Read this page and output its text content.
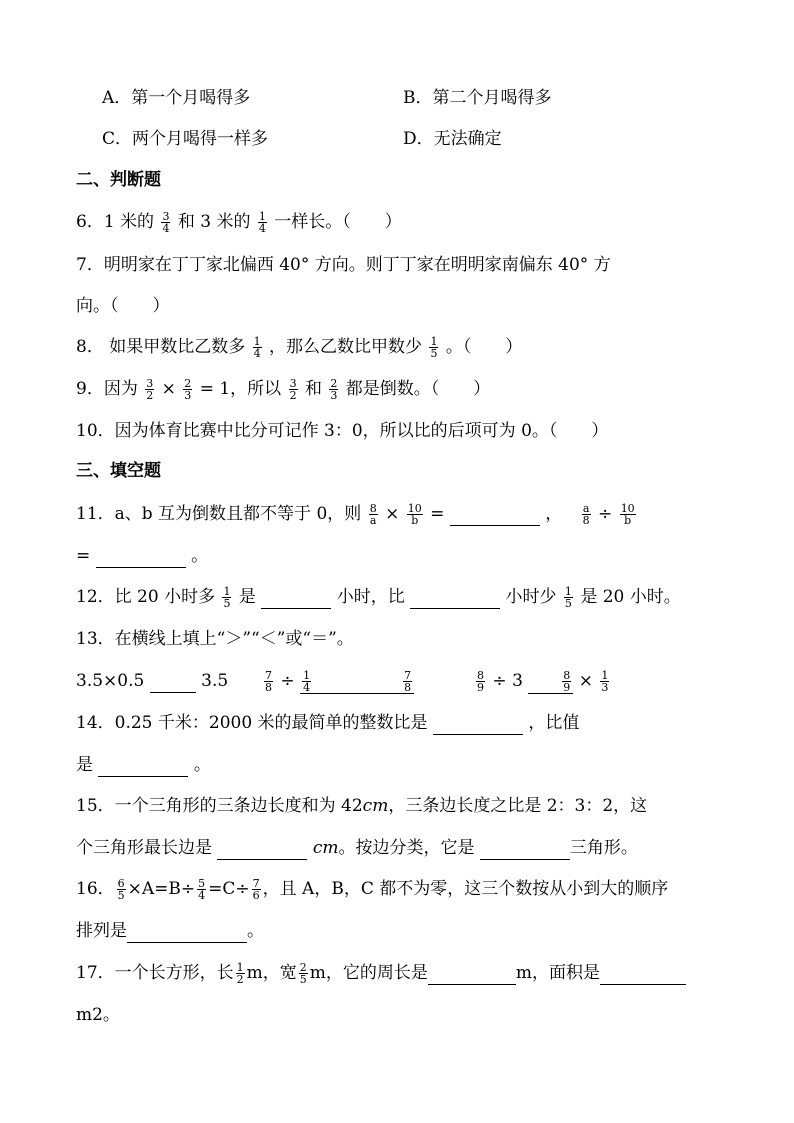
A．第一个月喝得多	B．第二个月喝得多
C．两个月喝得一样多	D．无法确定
二、判断题
6．1 米的 $\frac{3}{4}$ 和 3 米的 $\frac{1}{4}$ 一样长。（　　）
7．明明家在丁丁家北偏西 40° 方向。则丁丁家在明明家南偏东 40° 方
向。（　　）
8． 如果甲数比乙数多 $\frac{1}{4}$ ，那么乙数比甲数少 $\frac{1}{5}$ 。（　　）
9．因为 $\frac{3}{2} \times \frac{2}{3} = 1$，所以 $\frac{3}{2}$ 和 $\frac{2}{3}$ 都是倒数。（　　）
10．因为体育比赛中比分可记作 3：0，所以比的后项可为 0。（　　）
三、填空题
11．a、b 互为倒数且都不等于 0，则 $\frac{8}{a} \times \frac{10}{b}$ =	， $\frac{a}{8} \div \frac{10}{b}$
=	。
12．比 20 小时多 $\frac{1}{5}$ 是	小时，比	小时少 $\frac{1}{5}$ 是 20 小时。
13．在横线上填上“＞”“＜”或“＝”。
3.5×0.5	3.5	$\frac{7}{8} \div \frac{1}{4}$	$\frac{7}{8}$	$\frac{8}{9} \div 3$	$\frac{8}{9} \times \frac{1}{3}$
14．0.25 千米：2000 米的最简单的整数比是	，比值
是	。
15．一个三角形的三条边长度和为 42cm，三条边长度之比是 2：3：2，这
个三角形最长边是	cm。按边分类，它是	三角形。
16． $\frac{6}{5} \times A=B\div \frac{5}{4} =C\div \frac{7}{6}$ ，且 A，B，C 都不为零，这三个数按从小到大的顺序
排列是	。
17．一个长方形，长 $\frac{1}{2}$ m，宽 $\frac{2}{5}$ m，它的周长是	m，面积是
m2。
